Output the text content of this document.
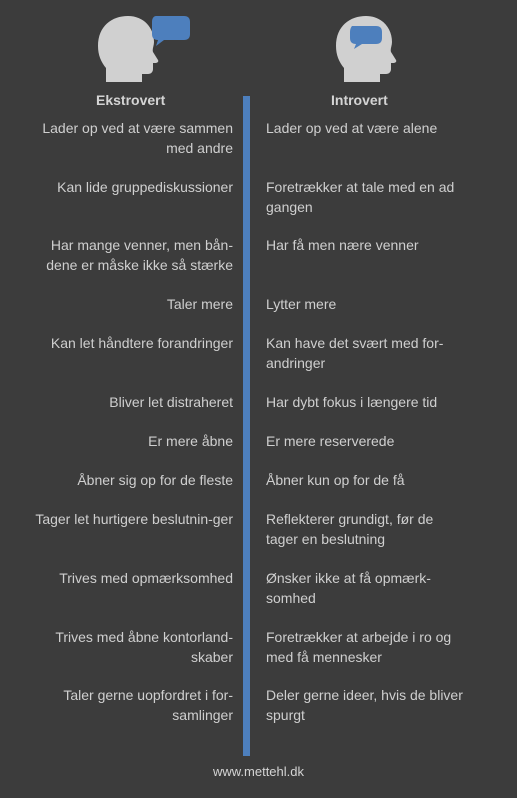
Ekstrovert	Introvert
Lader op ved at være sammen med andre
Lader op ved at være alene
Kan lide gruppediskussioner Foretrækker at tale med en ad gangen
Har mange venner, men bån-dene er måske ikke så stærke
Har få men nære venner
Taler mere Lytter mere
Kan let håndtere forandringer Kan have det svært med for-andringer
Bliver let distraheret Har dybt fokus i længere tid
Er mere åbne Er mere reserverede
Åbner sig op for de fleste Åbner kun op for de få
Tager let hurtigere beslutnin-ger Reflekterer grundigt, før de tager en beslutning
Trives med opmærksomhed Ønsker ikke at få opmærk-somhed
Trives med åbne kontorland-skaber
Foretrækker at arbejde i ro og med få mennesker
Taler gerne uopfordret i for-samlinger
Deler gerne ideer, hvis de bliver spurgt
www.mettehl.dk
